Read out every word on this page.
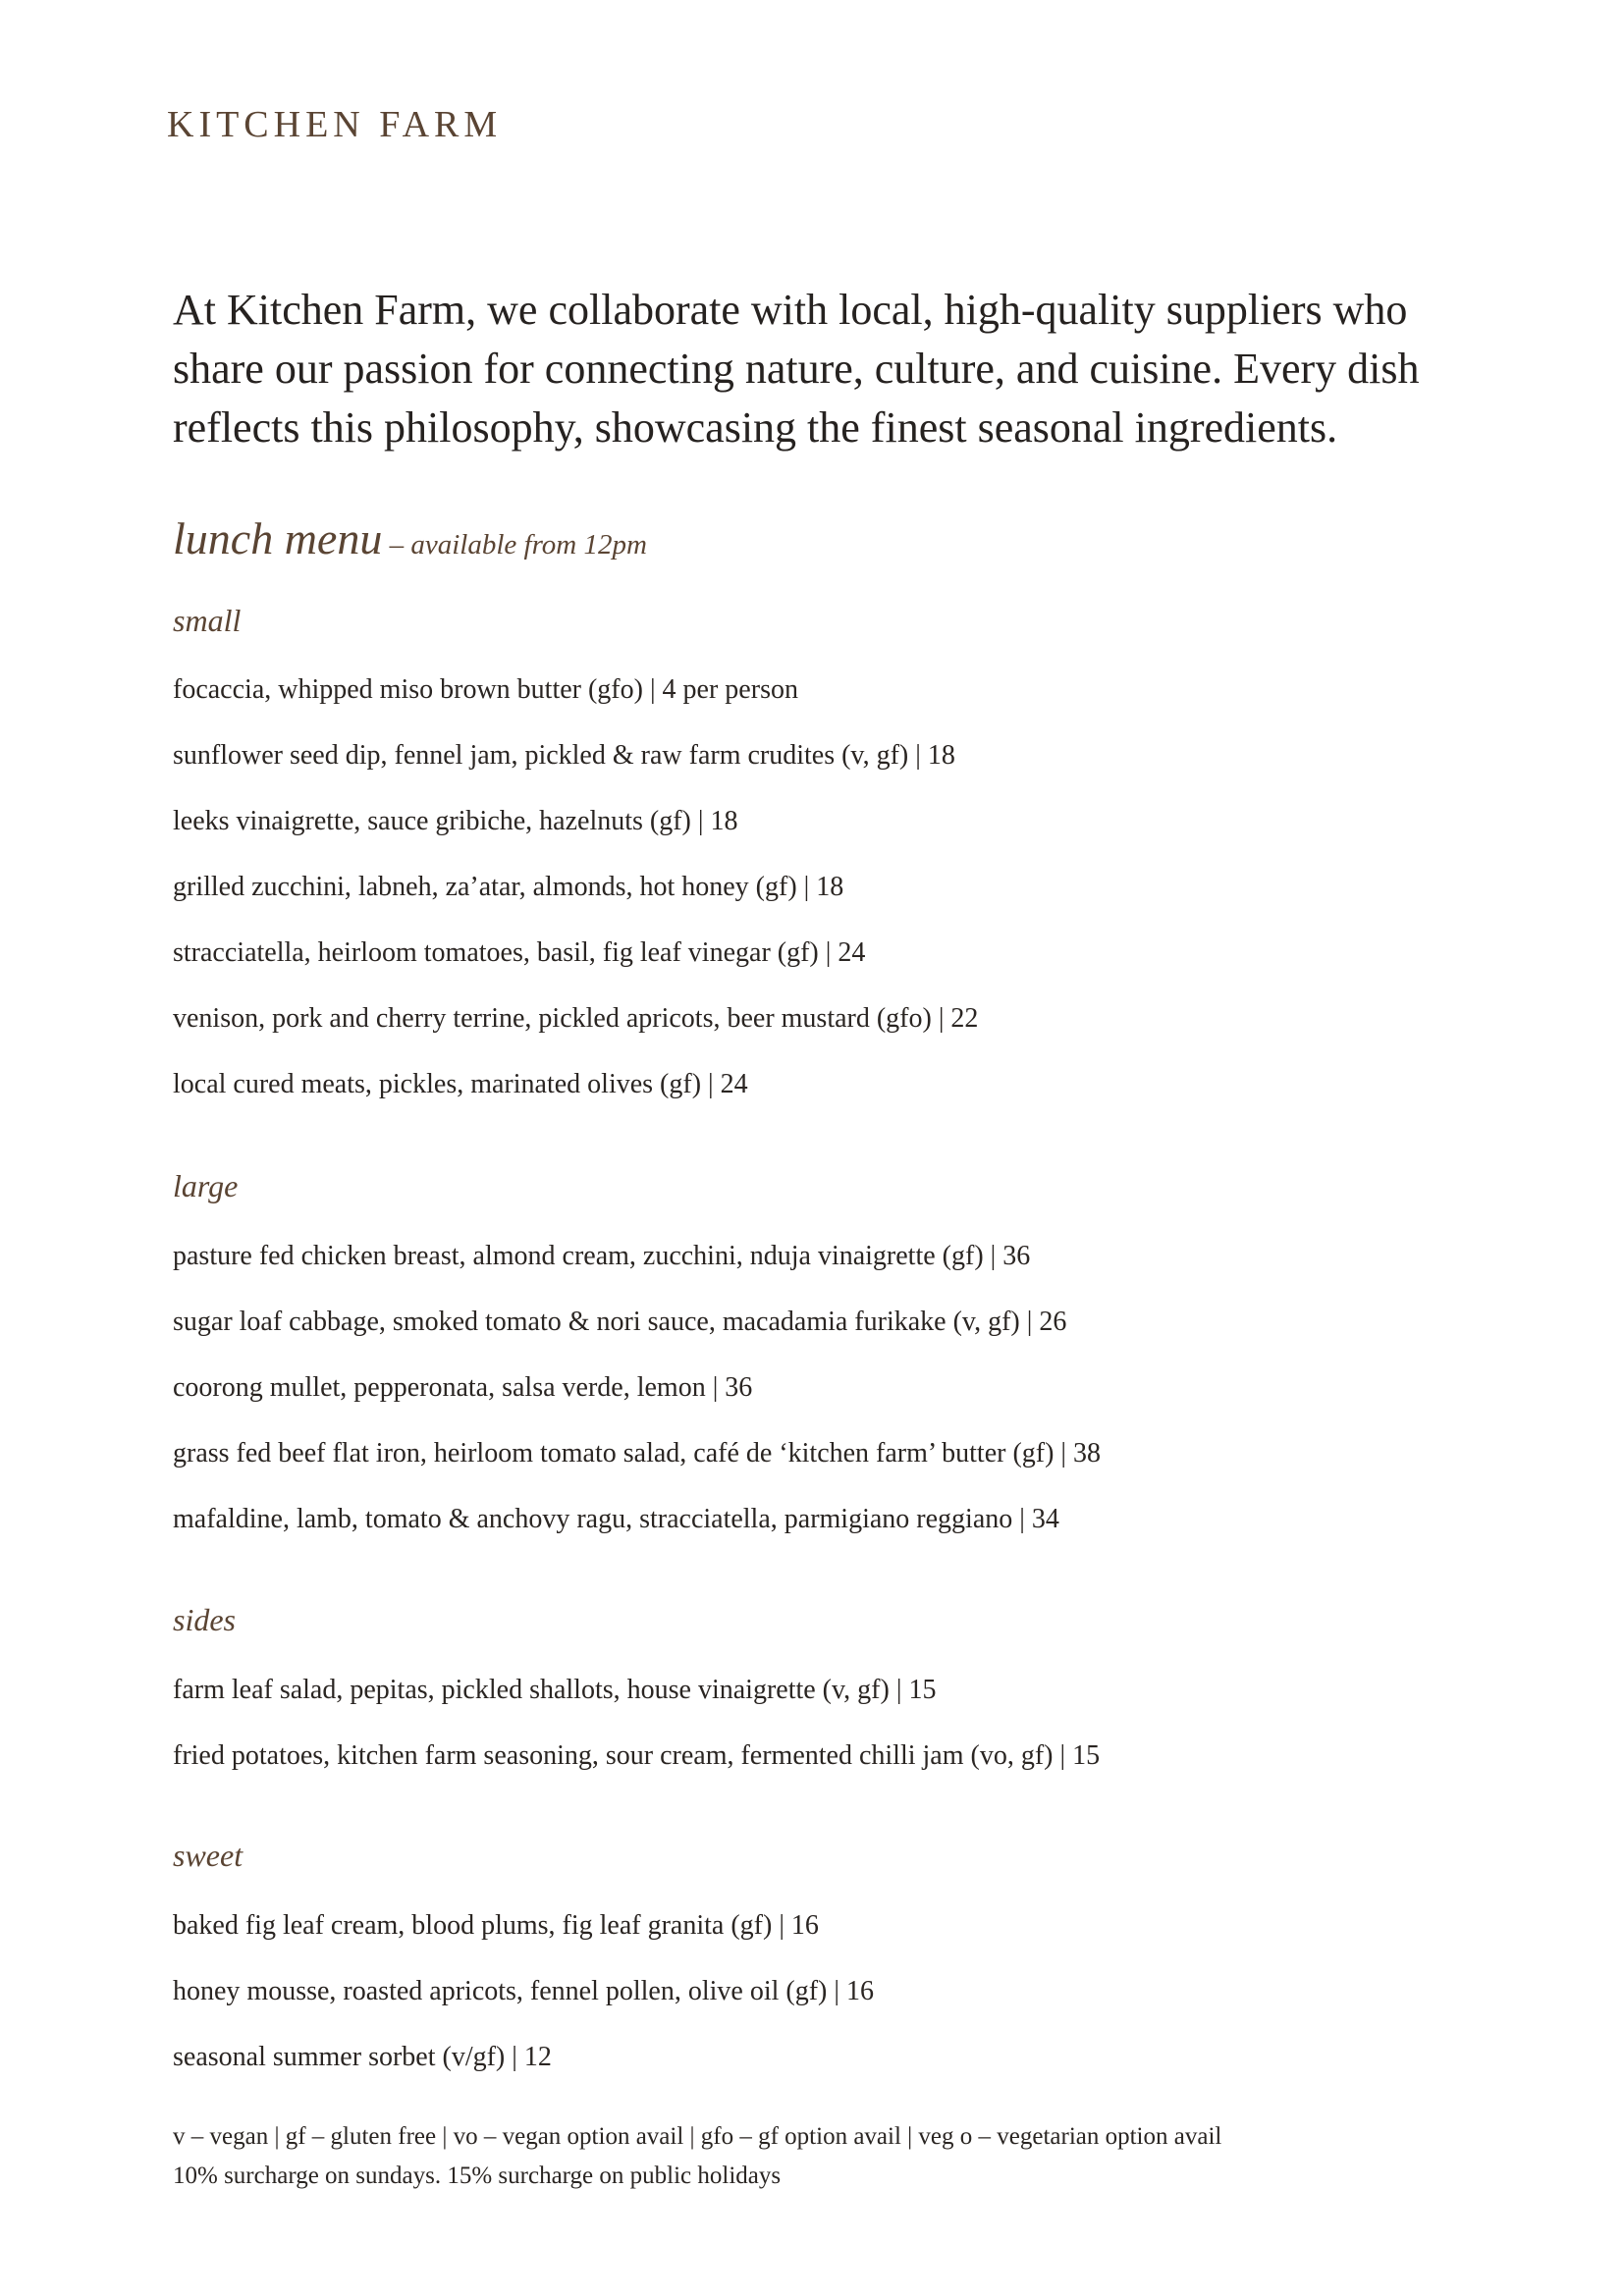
KITCHEN FARM

At Kitchen Farm, we collaborate with local, high-quality suppliers who share our passion for connecting nature, culture, and cuisine. Every dish reflects this philosophy, showcasing the finest seasonal ingredients.

lunch menu – available from 12pm
small

focaccia, whipped miso brown butter (gfo) | 4 per person

sunflower seed dip, fennel jam, pickled & raw farm crudites (v, gf) | 18

leeks vinaigrette, sauce gribiche, hazelnuts (gf) | 18

grilled zucchini, labneh, za’atar, almonds, hot honey (gf) | 18

stracciatella, heirloom tomatoes, basil, fig leaf vinegar (gf) | 24

venison, pork and cherry terrine, pickled apricots, beer mustard (gfo) | 22

local cured meats, pickles, marinated olives (gf) | 24

large

pasture fed chicken breast, almond cream, zucchini, nduja vinaigrette (gf) | 36

sugar loaf cabbage, smoked tomato & nori sauce, macadamia furikake (v, gf) | 26

coorong mullet, pepperonata, salsa verde, lemon | 36

grass fed beef flat iron, heirloom tomato salad, café de ‘kitchen farm’ butter (gf) | 38

mafaldine, lamb, tomato & anchovy ragu, stracciatella, parmigiano reggiano | 34

sides

farm leaf salad, pepitas, pickled shallots, house vinaigrette (v, gf) | 15

fried potatoes, kitchen farm seasoning, sour cream, fermented chilli jam (vo, gf) | 15

sweet

baked fig leaf cream, blood plums, fig leaf granita (gf) | 16

honey mousse, roasted apricots, fennel pollen, olive oil (gf) | 16

seasonal summer sorbet (v/gf) | 12

v – vegan | gf – gluten free | vo – vegan option avail | gfo – gf option avail | veg o – vegetarian option avail

10% surcharge on sundays. 15% surcharge on public holidays
